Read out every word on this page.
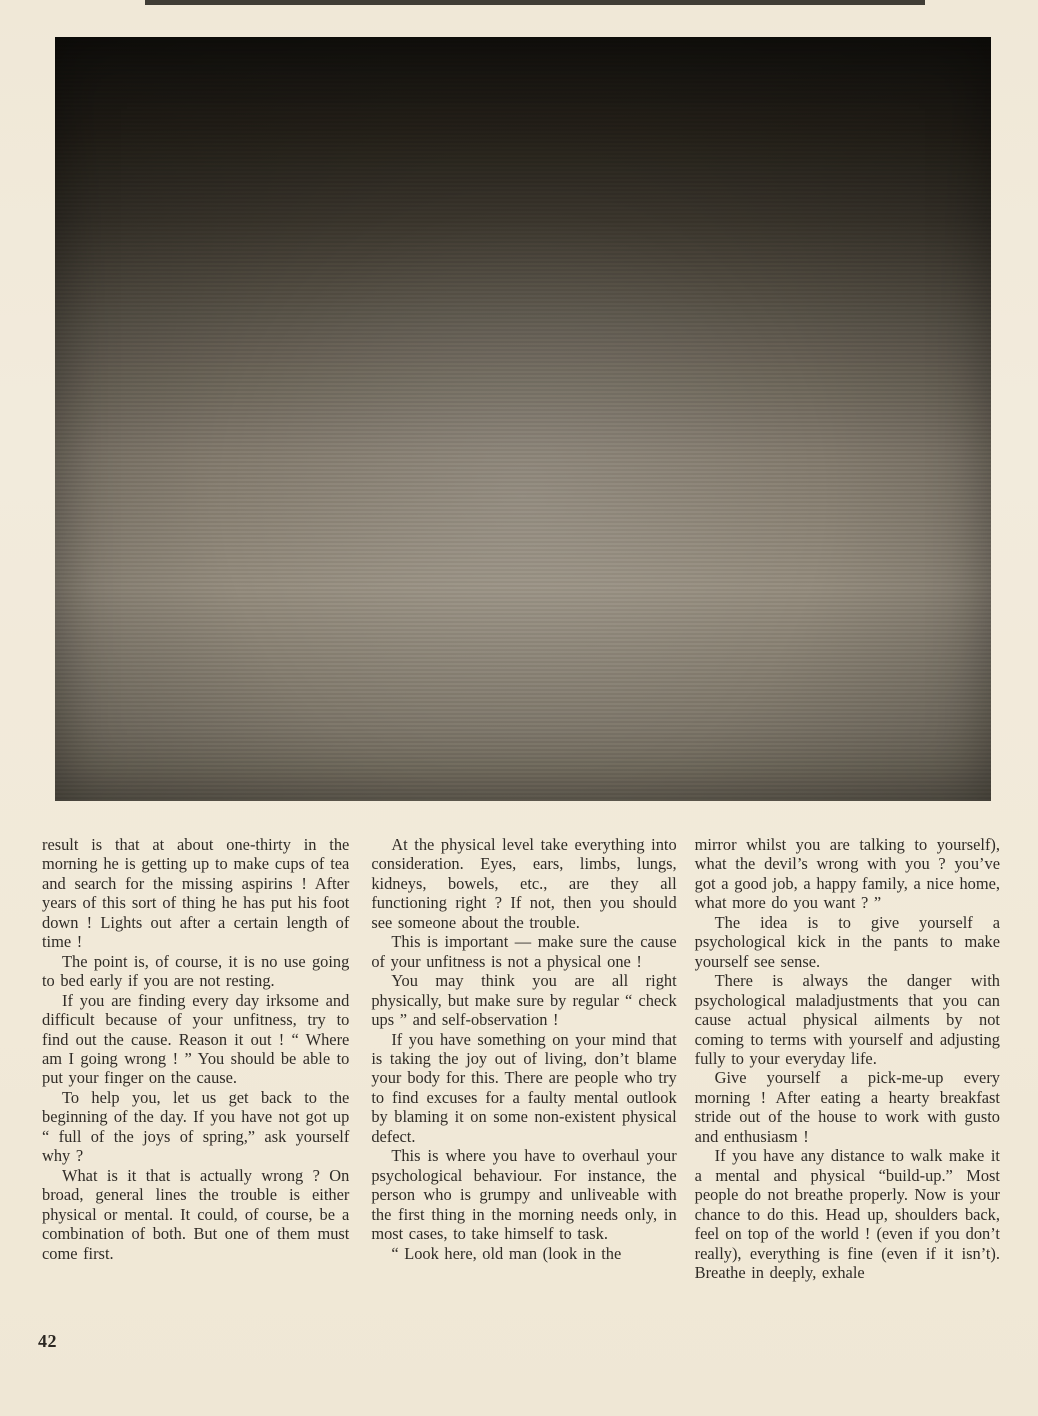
result is that at about one-thirty in the morning he is getting up to make cups of tea and search for the missing aspirins ! After years of this sort of thing he has put his foot down ! Lights out after a certain length of time !

The point is, of course, it is no use going to bed early if you are not resting.

If you are finding every day irksome and difficult because of your unfitness, try to find out the cause. Reason it out ! “ Where am I going wrong ! ” You should be able to put your finger on the cause.

To help you, let us get back to the beginning of the day. If you have not got up “ full of the joys of spring,” ask yourself why ?

What is it that is actually wrong ? On broad, general lines the trouble is either physical or mental. It could, of course, be a combination of both. But one of them must come first.

At the physical level take everything into consideration. Eyes, ears, limbs, lungs, kidneys, bowels, etc., are they all functioning right ? If not, then you should see someone about the trouble.

This is important — make sure the cause of your unfitness is not a physical one !

You may think you are all right physically, but make sure by regular “ check ups ” and self-observation !

If you have something on your mind that is taking the joy out of living, don’t blame your body for this. There are people who try to find excuses for a faulty mental outlook by blaming it on some non-existent physical defect.

This is where you have to overhaul your psychological behaviour. For instance, the person who is grumpy and unliveable with the first thing in the morning needs only, in most cases, to take himself to task.

“ Look here, old man (look in the

mirror whilst you are talking to yourself), what the devil’s wrong with you ? you’ve got a good job, a happy family, a nice home, what more do you want ? ”

The idea is to give yourself a psychological kick in the pants to make yourself see sense.

There is always the danger with psychological maladjustments that you can cause actual physical ailments by not coming to terms with yourself and adjusting fully to your everyday life.

Give yourself a pick-me-up every morning ! After eating a hearty breakfast stride out of the house to work with gusto and enthusiasm !

If you have any distance to walk make it a mental and physical “build-up.” Most people do not breathe properly. Now is your chance to do this. Head up, shoulders back, feel on top of the world ! (even if you don’t really), everything is fine (even if it isn’t). Breathe in deeply, exhale

42
